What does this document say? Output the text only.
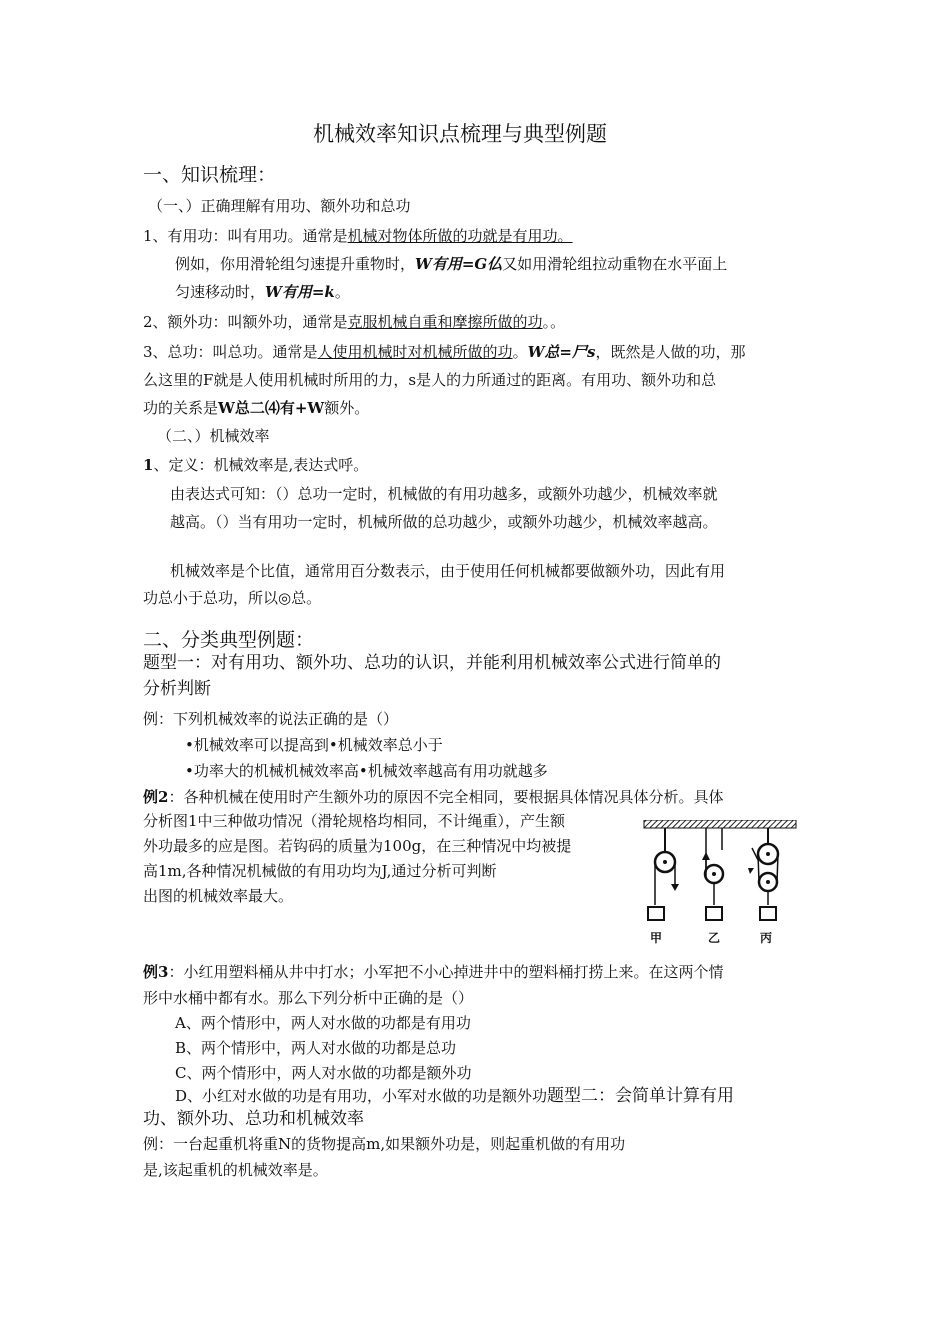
机械效率知识点梳理与典型例题
一、知识梳理：
（一、）正确理解有用功、额外功和总功
1、有用功：叫有用功。通常是机械对物体所做的功就是有用功。
例如，你用滑轮组匀速提升重物时，W有用=G仏又如用滑轮组拉动重物在水平面上
匀速移动时，W有用=k。
2、额外功：叫额外功，通常是克服机械自重和摩擦所做的功。。
3、总功：叫总功。通常是人使用机械时对机械所做的功。W总=尸s，既然是人做的功，那
么这里的F就是人使用机械时所用的力，s是人的力所通过的距离。有用功、额外功和总
功的关系是W总二⑷有+W额外。
（二、）机械效率
1、定义：机械效率是,表达式呼。
由表达式可知：（）总功一定时，机械做的有用功越多，或额外功越少，机械效率就
越高。（）当有用功一定时，机械所做的总功越少，或额外功越少，机械效率越高。
机械效率是个比值，通常用百分数表示，由于使用任何机械都要做额外功，因此有用
功总小于总功，所以◎总。
二、分类典型例题：
题型一：对有用功、额外功、总功的认识，并能利用机械效率公式进行简单的
分析判断
例：下列机械效率的说法正确的是（）
•机械效率可以提高到•机械效率总小于
•功率大的机械机械效率高•机械效率越高有用功就越多
例2：各种机械在使用时产生额外功的原因不完全相同，要根据具体情况具体分析。具体
分析图1中三种做功情况（滑轮规格均相同，不计绳重），产生额
外功最多的应是图。若钩码的质量为100g，在三种情况中均被提
高1m,各种情况机械做的有用功均为J,通过分析可判断
出图的机械效率最大。
甲	乙	丙
例3：小红用塑料桶从井中打水；小军把不小心掉进井中的塑料桶打捞上来。在这两个情
形中水桶中都有水。那么下列分析中正确的是（）
A、两个情形中，两人对水做的功都是有用功
B、两个情形中，两人对水做的功都是总功
C、两个情形中，两人对水做的功都是额外功
D、小红对水做的功是有用功，小军对水做的功是额外功题型二：会简单计算有用
功、额外功、总功和机械效率
例：一台起重机将重N的货物提高m,如果额外功是，则起重机做的有用功
是,该起重机的机械效率是。
